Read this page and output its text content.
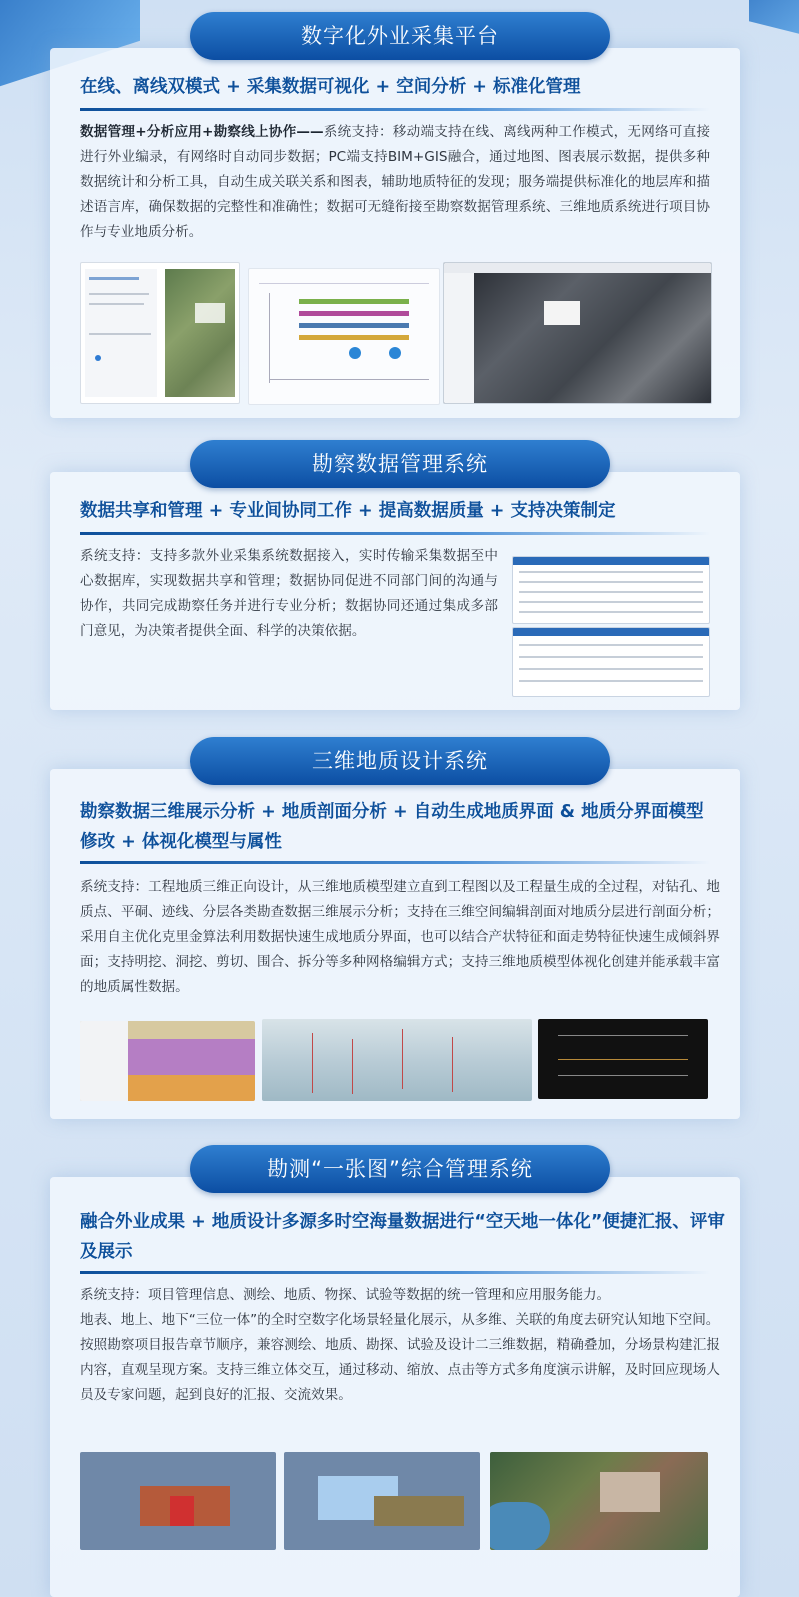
在线、离线双模式 + 采集数据可视化 + 空间分析 + 标准化管理
数据管理+分析应用+勘察线上协作——系统支持：移动端支持在线、离线两种工作模式，无网络可直接进行外业编录，有网络时自动同步数据；PC端支持BIM+GIS融合，通过地图、图表展示数据，提供多种数据统计和分析工具，自动生成关联关系和图表，辅助地质特征的发现；服务端提供标准化的地层库和描述语言库，确保数据的完整性和准确性；数据可无缝衔接至勘察数据管理系统、三维地质系统进行项目协作与专业地质分析。
数字化外业采集平台
数据共享和管理 + 专业间协同工作 + 提高数据质量 + 支持决策制定
系统支持：支持多款外业采集系统数据接入，实时传输采集数据至中心数据库，实现数据共享和管理；数据协同促进不同部门间的沟通与协作，共同完成勘察任务并进行专业分析；数据协同还通过集成多部门意见，为决策者提供全面、科学的决策依据。
勘察数据管理系统
勘察数据三维展示分析 + 地质剖面分析 + 自动生成地质界面 & 地质分界面模型修改 + 体视化模型与属性
系统支持：工程地质三维正向设计，从三维地质模型建立直到工程图以及工程量生成的全过程，对钻孔、地质点、平硐、迹线、分层各类勘查数据三维展示分析；支持在三维空间编辑剖面对地质分层进行剖面分析；采用自主优化克里金算法利用数据快速生成地质分界面，也可以结合产状特征和面走势特征快速生成倾斜界面；支持明挖、洞挖、剪切、围合、拆分等多种网格编辑方式；支持三维地质模型体视化创建并能承载丰富的地质属性数据。
三维地质设计系统
融合外业成果 + 地质设计多源多时空海量数据进行“空天地一体化”便捷汇报、评审及展示

系统支持：项目管理信息、测绘、地质、物探、试验等数据的统一管理和应用服务能力。

地表、地上、地下“三位一体”的全时空数字化场景轻量化展示，从多维、关联的角度去研究认知地下空间。

按照勘察项目报告章节顺序，兼容测绘、地质、勘探、试验及设计二三维数据，精确叠加，分场景构建汇报内容，直观呈现方案。支持三维立体交互，通过移动、缩放、点击等方式多角度演示讲解，及时回应现场人员及专家问题，起到良好的汇报、交流效果。

勘测“一张图”综合管理系统
